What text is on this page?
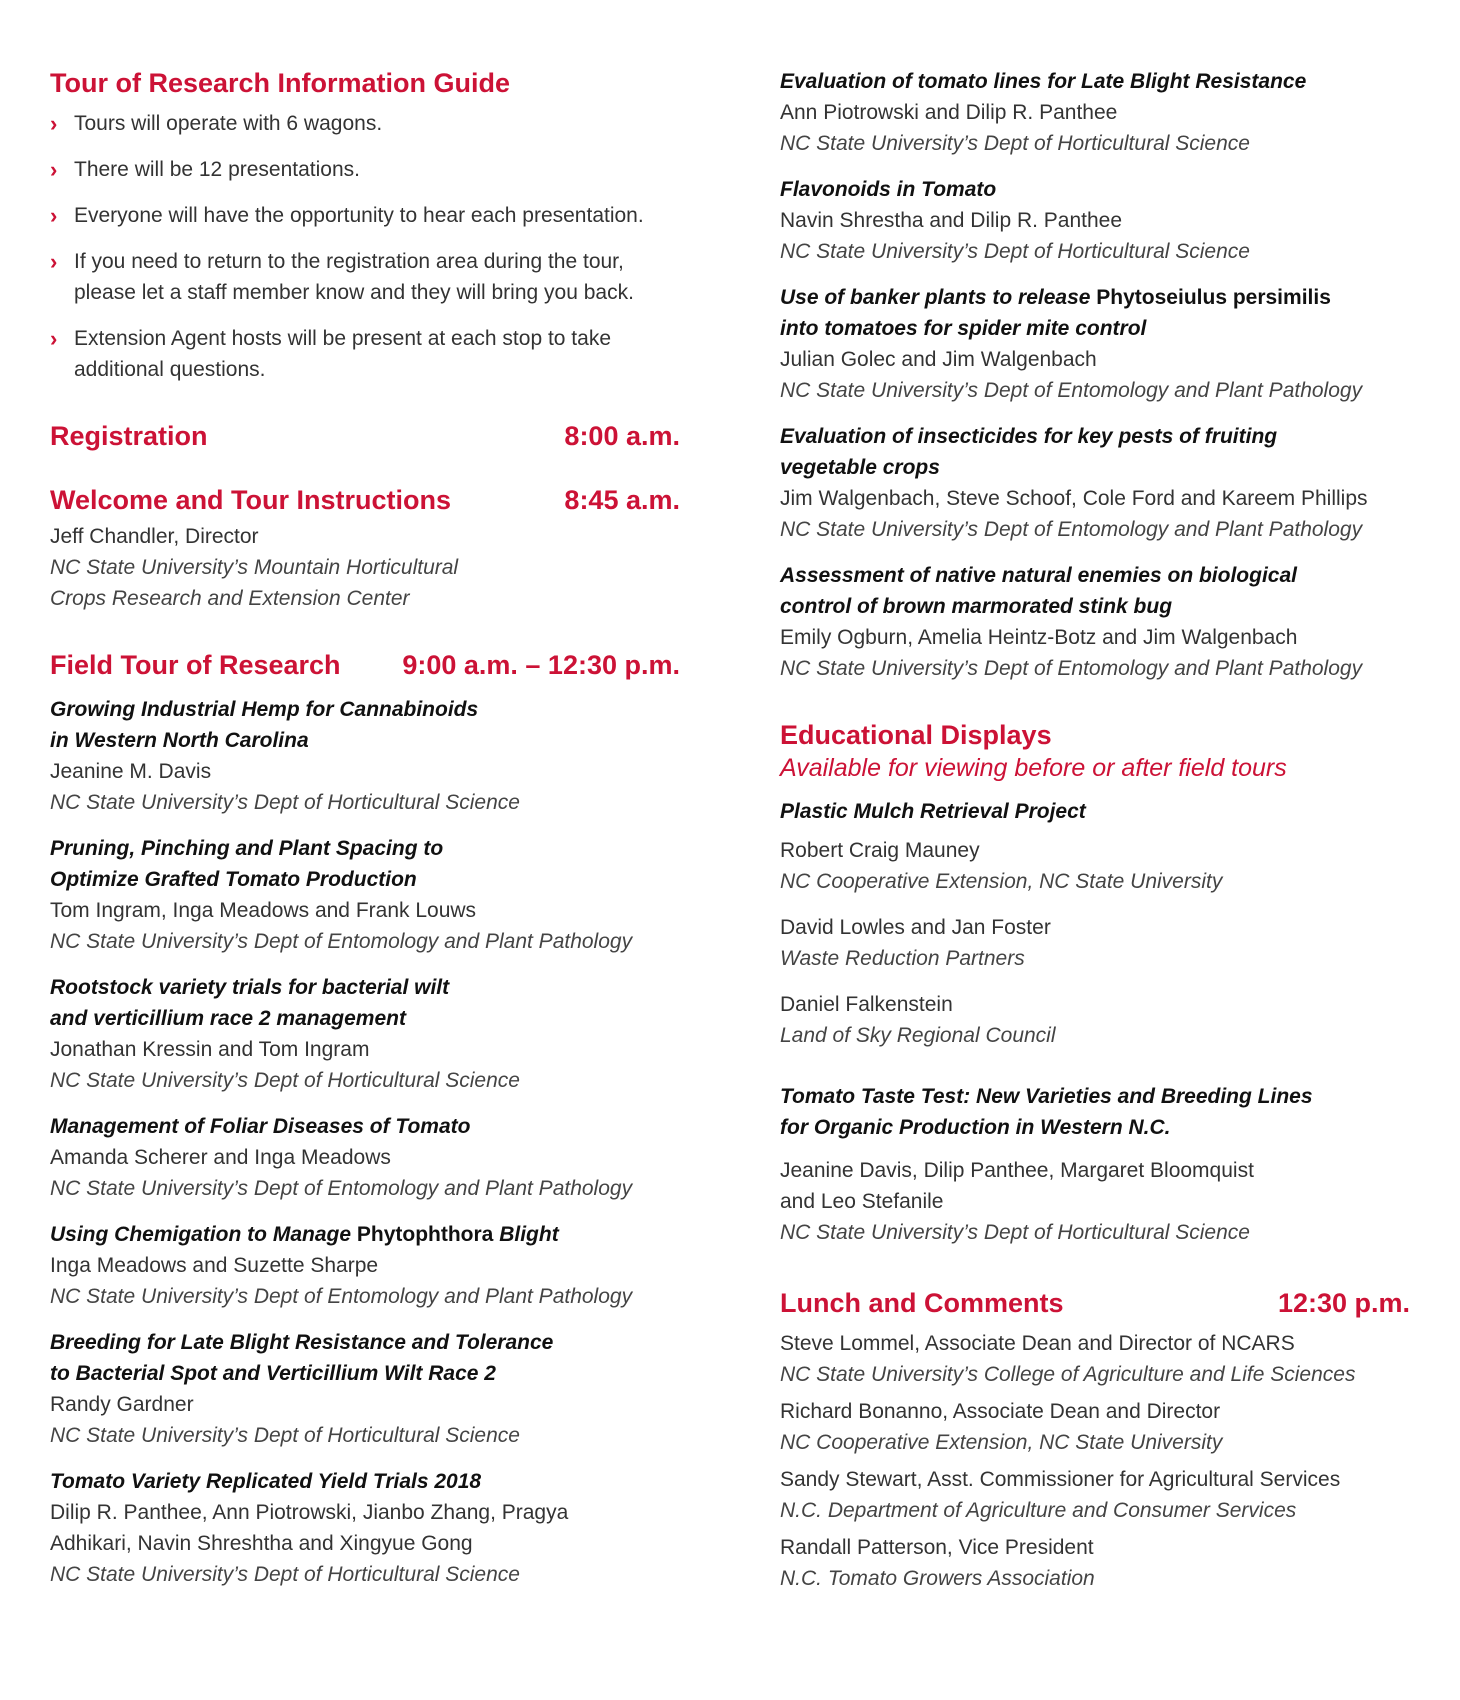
Tour of Research Information Guide
› Tours will operate with 6 wagons.
› There will be 12 presentations.
› Everyone will have the opportunity to hear each presentation.
› If you need to return to the registration area during the tour, please let a staff member know and they will bring you back.
› Extension Agent hosts will be present at each stop to take additional questions.
Registration	8:00 a.m.
Welcome and Tour Instructions	8:45 a.m.

Jeff Chandler, Director

NC State University’s Mountain Horticultural

Crops Research and Extension Center

Field Tour of Research 9:00 a.m. – 12:30 p.m.

Growing Industrial Hemp for Cannabinoids

in Western North Carolina

Jeanine M. Davis

NC State University’s Dept of Horticultural Science

Pruning, Pinching and Plant Spacing to

Optimize Grafted Tomato Production

Tom Ingram, Inga Meadows and Frank Louws

NC State University’s Dept of Entomology and Plant Pathology

Rootstock variety trials for bacterial wilt

and verticillium race 2 management

Jonathan Kressin and Tom Ingram

NC State University’s Dept of Horticultural Science

Management of Foliar Diseases of Tomato

Amanda Scherer and Inga Meadows

NC State University’s Dept of Entomology and Plant Pathology

Using Chemigation to Manage Phytophthora Blight

Inga Meadows and Suzette Sharpe

NC State University’s Dept of Entomology and Plant Pathology

Breeding for Late Blight Resistance and Tolerance

to Bacterial Spot and Verticillium Wilt Race 2

Randy Gardner

NC State University’s Dept of Horticultural Science

Tomato Variety Replicated Yield Trials 2018

Dilip R. Panthee, Ann Piotrowski, Jianbo Zhang, Pragya

Adhikari, Navin Shreshtha and Xingyue Gong

NC State University’s Dept of Horticultural Science

Evaluation of tomato lines for Late Blight Resistance

Ann Piotrowski and Dilip R. Panthee

NC State University’s Dept of Horticultural Science

Flavonoids in Tomato

Navin Shrestha and Dilip R. Panthee

NC State University’s Dept of Horticultural Science

Use of banker plants to release Phytoseiulus persimilis

into tomatoes for spider mite control

Julian Golec and Jim Walgenbach

NC State University’s Dept of Entomology and Plant Pathology

Evaluation of insecticides for key pests of fruiting

vegetable crops

Jim Walgenbach, Steve Schoof, Cole Ford and Kareem Phillips

NC State University’s Dept of Entomology and Plant Pathology

Assessment of native natural enemies on biological

control of brown marmorated stink bug

Emily Ogburn, Amelia Heintz-Botz and Jim Walgenbach

NC State University’s Dept of Entomology and Plant Pathology

Educational Displays

Available for viewing before or after field tours

Plastic Mulch Retrieval Project

Robert Craig Mauney

NC Cooperative Extension, NC State University

David Lowles and Jan Foster

Waste Reduction Partners

Daniel Falkenstein

Land of Sky Regional Council

Tomato Taste Test: New Varieties and Breeding Lines

for Organic Production in Western N.C.

Jeanine Davis, Dilip Panthee, Margaret Bloomquist

and Leo Stefanile

NC State University’s Dept of Horticultural Science

Lunch and Comments	12:30 p.m.

Steve Lommel, Associate Dean and Director of NCARS

NC State University’s College of Agriculture and Life Sciences

Richard Bonanno, Associate Dean and Director

NC Cooperative Extension, NC State University

Sandy Stewart, Asst. Commissioner for Agricultural Services

N.C. Department of Agriculture and Consumer Services

Randall Patterson, Vice President

N.C. Tomato Growers Association
